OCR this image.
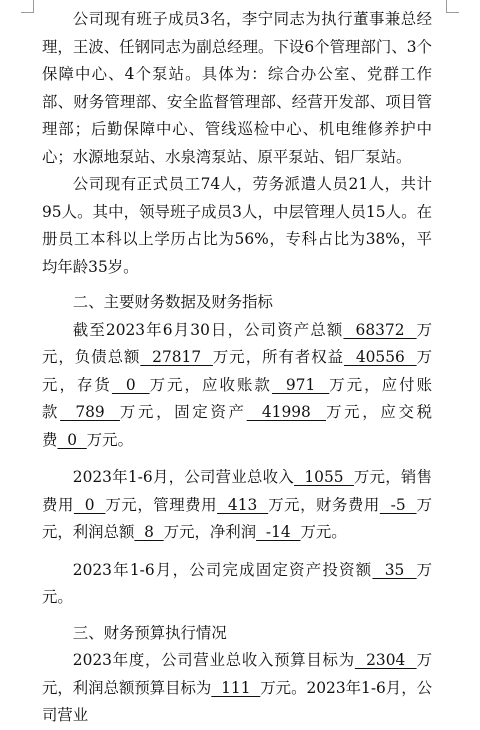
公司现有班子成员3名，李宁同志为执行董事兼总经理，王波、任钢同志为副总经理。下设6个管理部门、3个保障中心、4个泵站。具体为：综合办公室、党群工作部、财务管理部、安全监督管理部、经营开发部、项目管理部；后勤保障中心、管线巡检中心、机电维修养护中心；水源地泵站、水泉湾泵站、原平泵站、铝厂泵站。

公司现有正式员工74人，劳务派遣人员21人，共计95人。其中，领导班子成员3人，中层管理人员15人。在册员工本科以上学历占比为56%，专科占比为38%，平均年龄35岁。

二、主要财务数据及财务指标

截至2023年6月30日，公司资产总额  68372  万元，负债总额  27817  万元，所有者权益  40556  万元，存货  0  万元，应收账款  971  万元，应付账款  789  万元，固定资产  41998  万元，应交税费  0  万元。

2023年1-6月，公司营业总收入  1055  万元，销售费用  0  万元，管理费用  413  万元，财务费用  -5  万元，利润总额  8  万元，净利润  -14  万元。

2023年1-6月，公司完成固定资产投资额  35  万元。

三、财务预算执行情况

2023年度，公司营业总收入预算目标为  2304  万元，利润总额预算目标为  111  万元。2023年1-6月，公司营业
